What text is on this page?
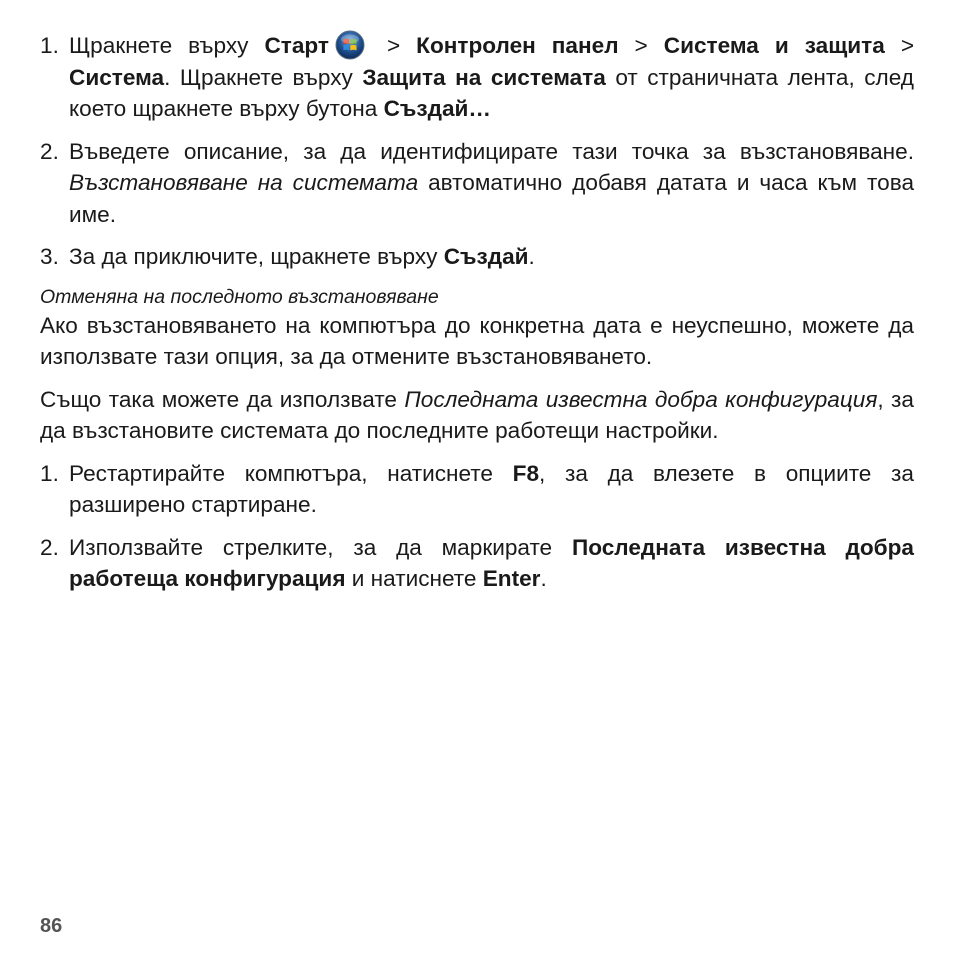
1. Щракнете върху Старт > Контролен панел > Система и защита > Система. Щракнете върху Защита на системата от страничната лента, след което щракнете върху бутона Създай…
2. Въведете описание, за да идентифицирате тази точка за възстановяване. Възстановяване на системата автоматично добавя датата и часа към това име.
3. За да приключите, щракнете върху Създай.
Отменяна на последното възстановяване

Ако възстановяването на компютъра до конкретна дата е неуспешно, можете да използвате тази опция, за да отмените възстановяването.

Също така можете да използвате Последната известна добра конфигурация, за да възстановите системата до последните работещи настройки.

1. Рестартирайте компютъра, натиснете F8, за да влезете в опциите за разширено стартиране.
2. Използвайте стрелките, за да маркирате Последната известна добра работеща конфигурация и натиснете Enter.
86
